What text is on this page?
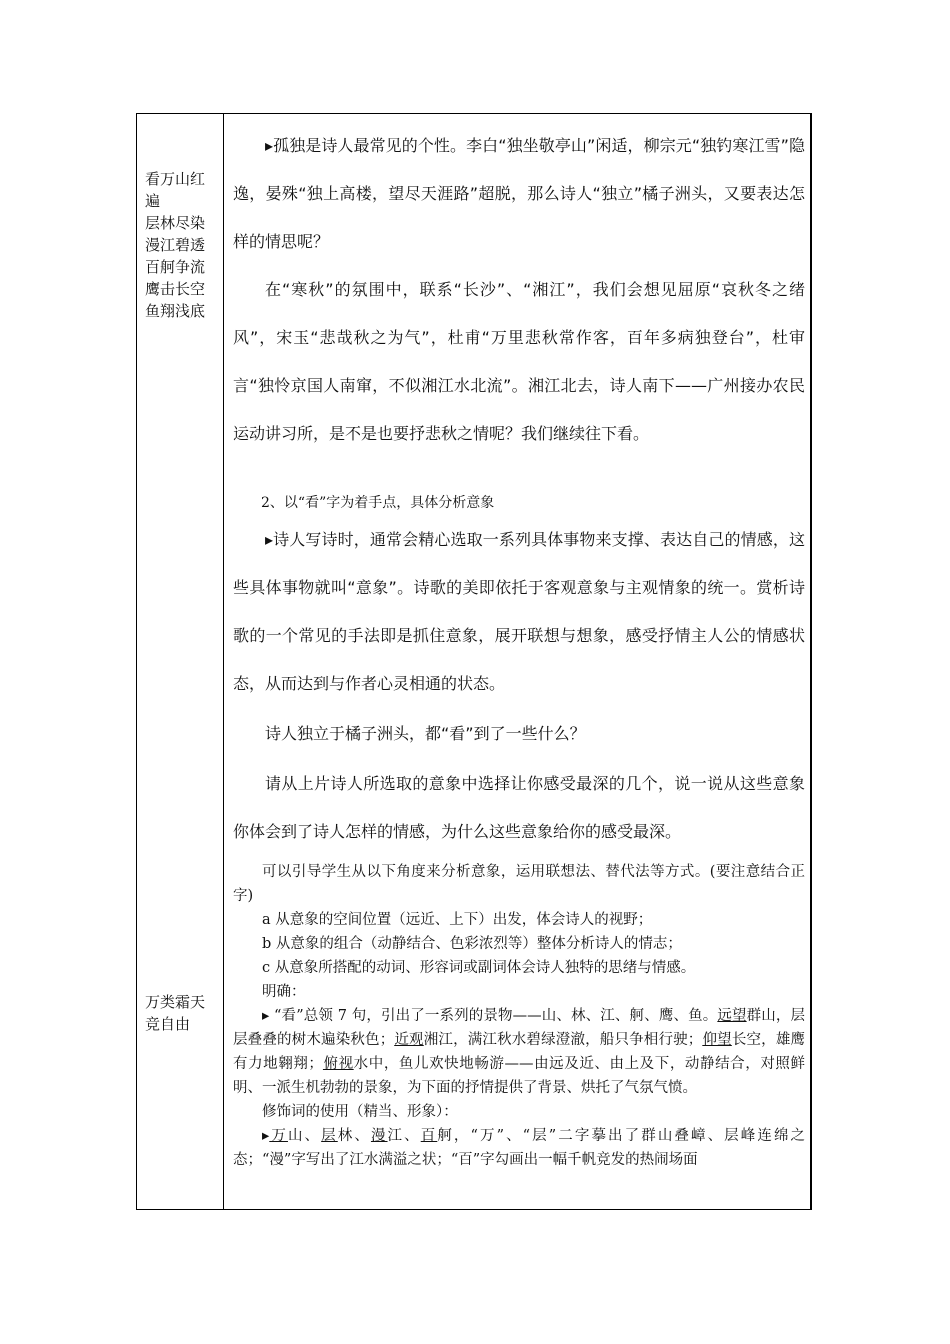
看万山红
遍
层林尽染
漫江碧透
百舸争流
鹰击长空
鱼翔浅底
万类霜天
竞自由

▸孤独是诗人最常见的个性。李白“独坐敬亭山”闲适，柳宗元“独钓寒江雪”隐逸，晏殊“独上高楼，望尽天涯路”超脱，那么诗人“独立”橘子洲头，又要表达怎样的情思呢？

在“寒秋”的氛围中，联系“长沙”、“湘江”，我们会想见屈原“哀秋冬之绪风”，宋玉“悲哉秋之为气”，杜甫“万里悲秋常作客，百年多病独登台”，杜审言“独怜京国人南窜，不似湘江水北流”。湘江北去，诗人南下——广州接办农民运动讲习所，是不是也要抒悲秋之情呢？我们继续往下看。

2、以“看”字为着手点，具体分析意象

▸诗人写诗时，通常会精心选取一系列具体事物来支撑、表达自己的情感，这些具体事物就叫“意象”。诗歌的美即依托于客观意象与主观情象的统一。赏析诗歌的一个常见的手法即是抓住意象，展开联想与想象，感受抒情主人公的情感状态，从而达到与作者心灵相通的状态。

诗人独立于橘子洲头，都“看”到了一些什么？

请从上片诗人所选取的意象中选择让你感受最深的几个，说一说从这些意象你体会到了诗人怎样的情感，为什么这些意象给你的感受最深。

可以引导学生从以下角度来分析意象，运用联想法、替代法等方式。(要注意结合正字)

a 从意象的空间位置（远近、上下）出发，体会诗人的视野；

b 从意象的组合（动静结合、色彩浓烈等）整体分析诗人的情志；

c 从意象所搭配的动词、形容词或副词体会诗人独特的思绪与情感。

明确：

▸ “看”总领 7 句，引出了一系列的景物——山、林、江、舸、鹰、鱼。远望群山，层层叠叠的树木遍染秋色；近观湘江，满江秋水碧绿澄澈，船只争相行驶；仰望长空，雄鹰有力地翱翔；俯视水中，鱼儿欢快地畅游——由远及近、由上及下，动静结合，对照鲜明、一派生机勃勃的景象，为下面的抒情提供了背景、烘托了气氛气愤。

修饰词的使用（精当、形象）：

▸万山、层林、漫江、百舸，“万”、“层”二字摹出了群山叠嶂、层峰连绵之态；“漫”字写出了江水满溢之状；“百”字勾画出一幅千帆竞发的热闹场面
